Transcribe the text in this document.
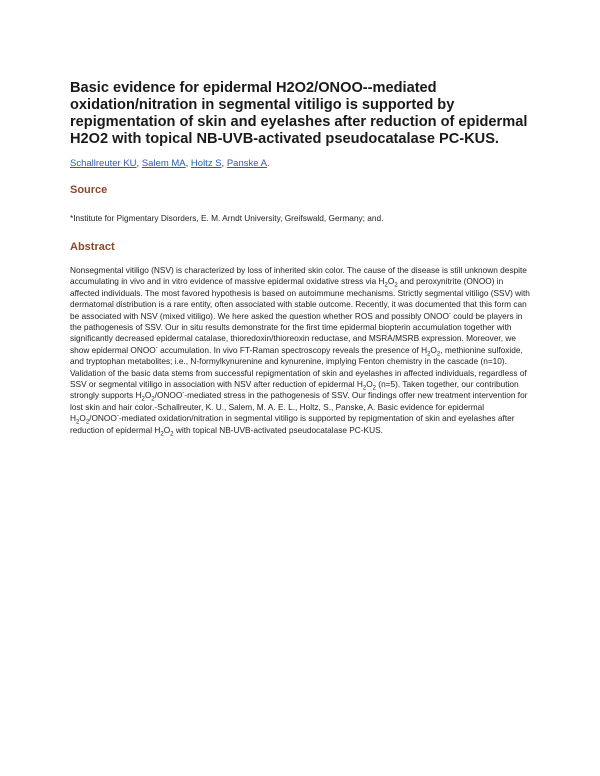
Basic evidence for epidermal H2O2/ONOO--mediated oxidation/nitration in segmental vitiligo is supported by repigmentation of skin and eyelashes after reduction of epidermal H2O2 with topical NB-UVB-activated pseudocatalase PC-KUS.
Schallreuter KU, Salem MA, Holtz S, Panske A.
Source
*Institute for Pigmentary Disorders, E. M. Arndt University, Greifswald, Germany; and.
Abstract
Nonsegmental vitiligo (NSV) is characterized by loss of inherited skin color. The cause of the disease is still unknown despite accumulating in vivo and in vitro evidence of massive epidermal oxidative stress via $H_2O_2$ and peroxynitrite (ONOO) in affected individuals. The most favored hypothesis is based on autoimmune mechanisms. Strictly segmental vitiligo (SSV) with dermatomal distribution is a rare entity, often associated with stable outcome. Recently, it was documented that this form can be associated with NSV (mixed vitiligo). We here asked the question whether ROS and possibly ONOO- could be players in the pathogenesis of SSV. Our in situ results demonstrate for the first time epidermal biopterin accumulation together with significantly decreased epidermal catalase, thioredoxin/thioreoxin reductase, and MSRA/MSRB expression. Moreover, we show epidermal ONOO- accumulation. In vivo FT-Raman spectroscopy reveals the presence of $H_2O_2$, methionine sulfoxide, and tryptophan metabolites; i.e., N-formylkynurenine and kynurenine, implying Fenton chemistry in the cascade (n=10). Validation of the basic data stems from successful repigmentation of skin and eyelashes in affected individuals, regardless of SSV or segmental vitiligo in association with NSV after reduction of epidermal $H_2O_2$ (n=5). Taken together, our contribution strongly supports $H_2O_2/ONOO^-$-mediated stress in the pathogenesis of SSV. Our findings offer new treatment intervention for lost skin and hair color.-Schallreuter, K. U., Salem, M. A. E. L., Holtz, S., Panske, A. Basic evidence for epidermal $H_2O_2/ONOO^-$-mediated oxidation/nitration in segmental vitiligo is supported by repigmentation of skin and eyelashes after reduction of epidermal $H_2O_2$ with topical NB-UVB-activated pseudocatalase PC-KUS.
